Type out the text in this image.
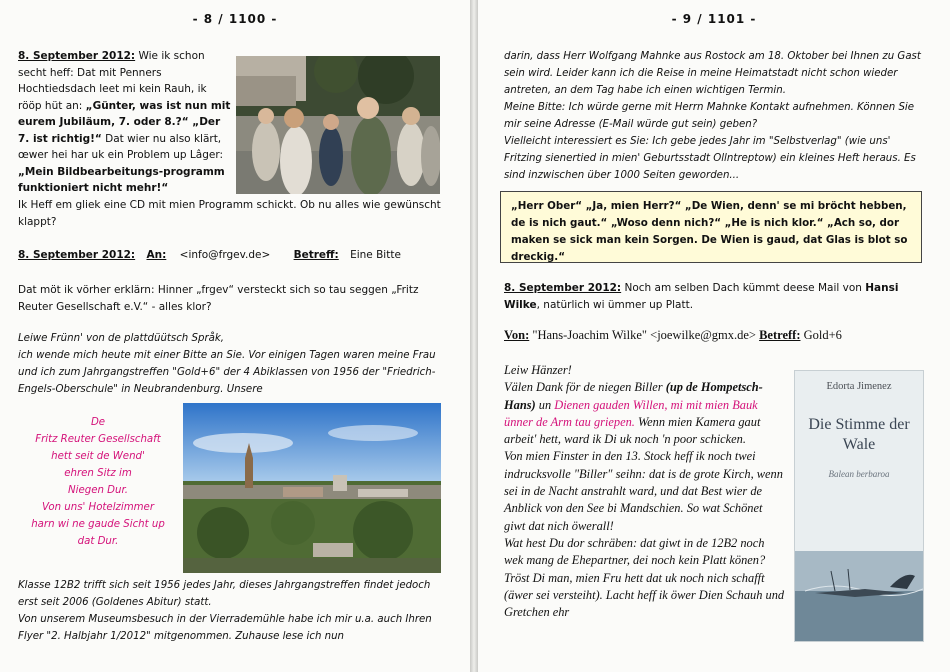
- 8 / 1100 -

8. September 2012: Wie ik schon secht heff: Dat mit Penners Hochtiedsdach leet mi kein Rauh, ik rööp hüt an: „Günter, was ist nun mit eurem Jubiläum, 7. oder 8.?“ „Der 7. ist richtig!“ Dat wier nu also klärt, œwer hei har uk ein Problem up Lâger: „Mein Bildbearbeitungs-programm funktioniert nicht mehr!“

Ik Heff em gliek eine CD mit mien Programm schickt. Ob nu alles wie gewünscht klappt?

8. September 2012: An: <info@frgev.de> Betreff: Eine Bitte

Dat möt ik vörher erklärn: Hinner „frgev“ versteckt sich so tau seggen „Fritz Reuter Gesellschaft e.V.“ - alles klor?

Leiwe Frünn' von de plattdüütsch Språk,

ich wende mich heute mit einer Bitte an Sie. Vor einigen Tagen waren meine Frau und ich zum Jahrgangstreffen "Gold+6" der 4 Abiklassen von 1956 der "Friedrich-Engels-Oberschule" in Neubrandenburg. Unsere

De
Fritz Reuter Gesellschaft
hett seit de Wend'
ehren Sitz im
Niegen Dur.
Von uns' Hotelzimmer
harn wi ne gaude Sicht up
dat Dur.

Klasse 12B2 trifft sich seit 1956 jedes Jahr, dieses Jahrgangstreffen findet jedoch erst seit 2006 (Goldenes Abitur) statt.

Von unserem Museumsbesuch in der Vierrademühle habe ich mir u.a. auch Ihren Flyer "2. Halbjahr 1/2012" mitgenommen. Zuhause lese ich nun

- 9 / 1101 -

darin, dass Herr Wolfgang Mahnke aus Rostock am 18. Oktober bei Ihnen zu Gast sein wird. Leider kann ich die Reise in meine Heimatstadt nicht schon wieder antreten, an dem Tag habe ich einen wichtigen Termin.

Meine Bitte: Ich würde gerne mit Herrn Mahnke Kontakt aufnehmen. Können Sie mir seine Adresse (E-Mail würde gut sein) geben?

Vielleicht interessiert es Sie: Ich gebe jedes Jahr im "Selbstverlag" (wie uns' Fritzing sienertied in mien' Geburtsstadt Ollntreptow) ein kleines Heft heraus. Es sind inzwischen über 1000 Seiten geworden...

„Herr Ober“ „Ja, mien Herr?“ „De Wien, denn' se mi bröcht hebben, de is nich gaut.“ „Woso denn nich?“ „He is nich klor.“ „Ach so, dor maken se sick man kein Sorgen. De Wien is gaud, dat Glas is blot so dreckig.“

8. September 2012: Noch am selben Dach kümmt deese Mail von Hansi Wilke, natürlich wi ümmer up Platt.

Von: "Hans-Joachim Wilke" <joewilke@gmx.de> Betreff: Gold+6
Leiw Hänzer!
Välen Dank för de niegen Biller (up de Hompetsch-Hans) un Dienen gauden Willen, mi mit mien Bauk ünner de Arm tau griepen. Wenn mien Kamera gaut arbeit' hett, ward ik Di uk noch 'n poor schicken.
Von mien Finster in den 13. Stock heff ik noch twei indrucksvolle "Biller" seihn: dat is de grote Kirch, wenn sei in de Nacht anstrahlt ward, und dat Best wier de Anblick von den See bi Mandschien. So wat Schönet giwt dat nich öwerall!
Wat hest Du dor schräben: dat giwt in de 12B2 noch wek mang de Ehepartner, dei noch kein Platt könen? Tröst Di man, mien Fru hett dat uk noch nich schafft (äwer sei versteiht). Lacht heff ik öwer Dien Schauh und Gretchen ehr
Edorta Jimenez
Die Stimme der Wale
Balean berbaroa
